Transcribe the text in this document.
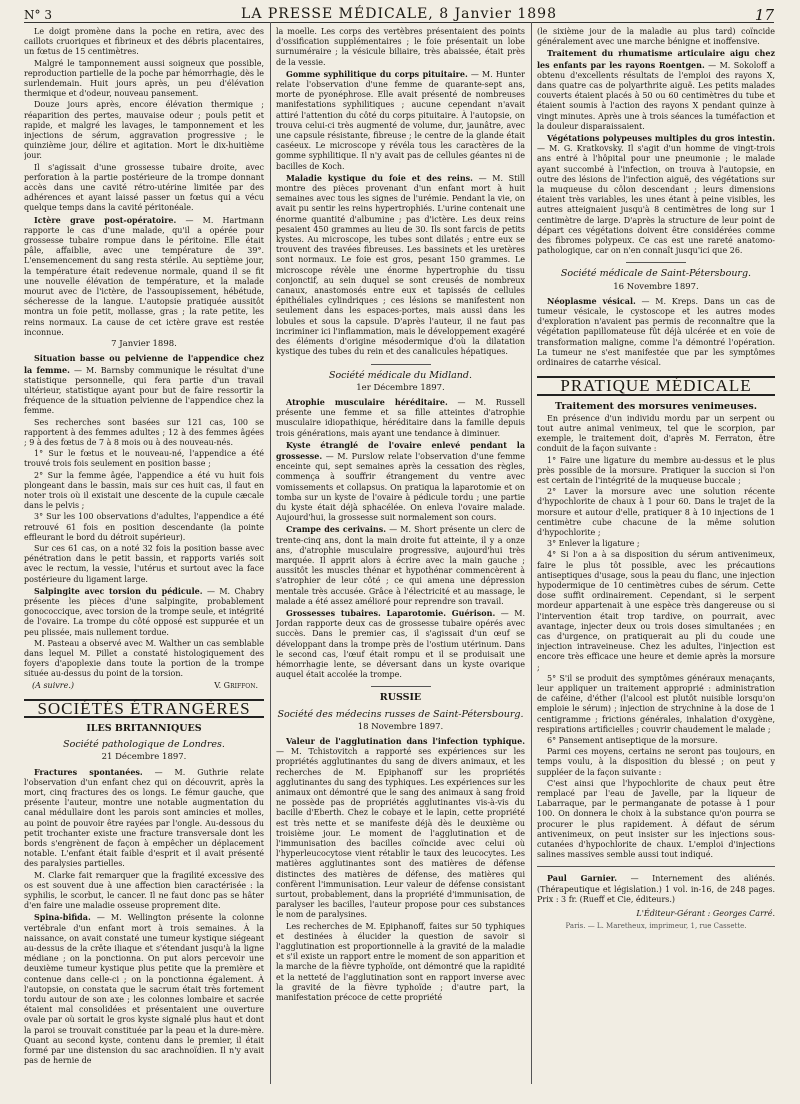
N° 3	LA PRESSE MÉDICALE, 8 Janvier 1898	17

Le doigt promène dans la poche en retira, avec des caillots cruoriques et fibrineux et des débris placentaires, un fœtus de 15 centimètres.

Malgré le tamponnement aussi soigneux que possible, reproduction partielle de la poche par hémorrhagie, dès le surlendemain. Huit jours après, un peu d'élévation thermique et d'odeur, nouveau pansement.

Douze jours après, encore élévation thermique ; réaparition des pertes, mauvaise odeur ; pouls petit et rapide, et malgré les lavages, le tamponnement et les injections de sérum, aggravation progressive ; le quinzième jour, délire et agitation. Mort le dix-huitième jour.

Il s'agissait d'une grossesse tubaire droite, avec perforation à la partie postérieure de la trompe donnant accès dans une cavité rétro-utérine limitée par des adhérences et ayant laissé passer un fœtus qui a vécu quelque temps dans la cavité péritonéale.

Ictère grave post-opératoire. — M. Hartmann rapporte le cas d'une malade, qu'il a opérée pour grossesse tubaire rompue dans le péritoine. Elle était pâle, affaiblie, avec une température de 39°. L'ensemencement du sang resta stérile. Au septième jour, la température était redevenue normale, quand il se fit une nouvelle élévation de température, et la malade mourut avec de l'ictère, de l'assoupissement, hébétude, sécheresse de la langue. L'autopsie pratiquée aussitôt montra un foie petit, mollasse, gras ; la rate petite, les reins normaux. La cause de cet ictère grave est restée inconnue.

7 Janvier 1898.

Situation basse ou pelvienne de l'appendice chez la femme. — M. Barnsby communique le résultat d'une statistique personnelle, qui fera partie d'un travail ultérieur, statistique ayant pour but de faire ressortir la fréquence de la situation pelvienne de l'appendice chez la femme.

Ses recherches sont basées sur 121 cas, 100 se rapportent à des femmes adultes ; 12 à des femmes âgées ; 9 à des fœtus de 7 à 8 mois ou à des nouveau-nés.

1° Sur le fœtus et le nouveau-né, l'appendice a été trouvé trois fois seulement en position basse ;

2° Sur la femme âgée, l'appendice a été vu huit fois plongeant dans le bassin, mais sur ces huit cas, il faut en noter trois où il existait une descente de la cupule cæcale dans le pelvis ;

3° Sur les 100 observations d'adultes, l'appendice a été retrouvé 61 fois en position descendante (la pointe effleurant le bord du détroit supérieur).

Sur ces 61 cas, on a noté 32 fois la position basse avec pénétration dans le petit bassin, et rapports variés soit avec le rectum, la vessie, l'utérus et surtout avec la face postérieure du ligament large.

Salpingite avec torsion du pédicule. — M. Chabry présente les pièces d'une salpingite, probablement gonococcique, avec torsion de la trompe seule, et intégrité de l'ovaire. La trompe du côté opposé est suppurée et un peu plissée, mais nullement tordue.

M. Pasteau a observé avec M. Walther un cas semblable dans lequel M. Pillet a constaté histologiquement des foyers d'apoplexie dans toute la portion de la trompe située au-dessus du point de la torsion.

(A suivre.)	V. Griffon.
SOCIÉTÉS ÉTRANGÈRES
ILES BRITANNIQUES
Société pathologique de Londres.
21 Décembre 1897.

Fractures spontanées. — M. Guthrie relate l'observation d'un enfant chez qui on découvrit, après la mort, cinq fractures des os longs. Le fémur gauche, que présente l'auteur, montre une notable augmentation du canal médullaire dont les parois sont amincies et molles, au point de pouvoir être rayées par l'ongle. Au-dessous du petit trochanter existe une fracture transversale dont les bords s'engrènent de façon à empêcher un déplacement notable. L'enfant était faible d'esprit et il avait présenté des paralysies partielles.

M. Clarke fait remarquer que la fragilité excessive des os est souvent due à une affection bien caractérisée : la syphilis, le scorbut, le cancer. Il ne faut donc pas se hâter d'en faire une maladie osseuse proprement dite.

Spina-bifida. — M. Wellington présente la colonne vertébrale d'un enfant mort à trois semaines. À la naissance, on avait constaté une tumeur kystique siégeant au-dessus de la crête iliaque et s'étendant jusqu'à la ligne médiane ; on la ponctionna. On put alors percevoir une deuxième tumeur kystique plus petite que la première et contenue dans celle-ci ; on la ponctionna également. À l'autopsie, on constata que le sacrum était très fortement tordu autour de son axe ; les colonnes lombaire et sacrée étaient mal consolidées et présentaient une ouverture ovale par où sortait le gros kyste signalé plus haut et dont la paroi se trouvait constituée par la peau et la dure-mère. Quant au second kyste, contenu dans le premier, il était formé par une distension du sac arachnoïdien. Il n'y avait pas de hernie de

la moelle. Les corps des vertèbres présentaient des points d'ossification supplémentaires ; le foie présentait un lobe surnuméraire ; la vésicule biliaire, très abaissée, était près de la vessie.

Gomme syphilitique du corps pituitaire. — M. Hunter relate l'observation d'une femme de quarante-sept ans, morte de pyonéphrose. Elle avait présenté de nombreuses manifestations syphilitiques ; aucune cependant n'avait attiré l'attention du côté du corps pituitaire. À l'autopsie, on trouva celui-ci très augmenté de volume, dur, jaunâtre, avec une capsule résistante, fibreuse ; le centre de la glande était caséeux. Le microscope y révéla tous les caractères de la gomme syphilitique. Il n'y avait pas de cellules géantes ni de bacilles de Koch.

Maladie kystique du foie et des reins. — M. Still montre des pièces provenant d'un enfant mort à huit semaines avec tous les signes de l'urémie. Pendant la vie, on avait pu sentir les reins hypertrophiés. L'urine contenait une énorme quantité d'albumine ; pas d'ictère. Les deux reins pesaient 450 grammes au lieu de 30. Ils sont farcis de petits kystes. Au microscope, les tubes sont dilatés ; entre eux se trouvent des travées fibreuses. Les bassinets et les uretères sont normaux. Le foie est gros, pesant 150 grammes. Le microscope révèle une énorme hypertrophie du tissu conjonctif, au sein duquel se sont creusés de nombreux canaux, anastomosés entre eux et tapissés de cellules épithéliales cylindriques ; ces lésions se manifestent non seulement dans les espaces-portes, mais aussi dans les lobules et sous la capsule. D'après l'auteur, il ne faut pas incriminer ici l'inflammation, mais le développement exagéré des éléments d'origine mésodermique d'où la dilatation kystique des tubes du rein et des canalicules hépatiques.

Société médicale du Midland.
1er Décembre 1897.

Atrophie musculaire héréditaire. — M. Russell présente une femme et sa fille atteintes d'atrophie musculaire idiopathique, héréditaire dans la famille depuis trois générations, mais ayant une tendance à diminuer.

Kyste étranglé de l'ovaire enlevé pendant la grossesse. — M. Purslow relate l'observation d'une femme enceinte qui, sept semaines après la cessation des règles, commença à souffrir étrangement du ventre avec vomissements et collapsus. On pratiqua la laparotomie et on tomba sur un kyste de l'ovaire à pédicule tordu ; une partie du kyste était déjà sphacélée. On enleva l'ovaire malade. Aujourd'hui, la grossesse suit normalement son cours.

Crampe des cerivains. — M. Short présente un clerc de trente-cinq ans, dont la main droite fut atteinte, il y a onze ans, d'atrophie musculaire progressive, aujourd'hui très marquée. Il apprit alors à écrire avec la main gauche ; aussitôt les muscles thénar et hypothénar commencèrent à s'atrophier de leur côté ; ce qui amena une dépression mentale très accusée. Grâce à l'électricité et au massage, le malade a été assez amélioré pour reprendre son travail.

Grossesses tubaires. Laparotomie. Guérison. — M. Jordan rapporte deux cas de grossesse tubaire opérés avec succès. Dans le premier cas, il s'agissait d'un œuf se développant dans la trompe près de l'ostium utérinum. Dans le second cas, l'œuf était rompu et il se produisait une hémorrhagie lente, se déversant dans un kyste ovarique auquel était accolée la trompe.

RUSSIE
Société des médecins russes de Saint-Pétersbourg.
18 Novembre 1897.

Valeur de l'agglutination dans l'infection typhique. — M. Tchistovitch a rapporté ses expériences sur les propriétés agglutinantes du sang de divers animaux, et les recherches de M. Epiphanoff sur les propriétés agglutinantes du sang des typhiques. Les expériences sur les animaux ont démontré que le sang des animaux à sang froid ne possède pas de propriétés agglutinantes vis-à-vis du bacille d'Eberth. Chez le cobaye et le lapin, cette propriété est très nette et se manifeste déjà dès le deuxième ou troisième jour. Le moment de l'agglutination et de l'immunisation des bacilles coïncide avec celui où l'hyperleucocytose vient rétablir le taux des leucocytes. Les matières agglutinantes sont des matières de défense distinctes des matières de défense, des matières qui confèrent l'immunisation. Leur valeur de défense consistant surtout, probablement, dans la propriété d'immunisation, de paralyser les bacilles, l'auteur propose pour ces substances le nom de paralysines.

Les recherches de M. Epiphanoff, faites sur 50 typhiques et destinées à élucider la question de savoir si l'agglutination est proportionnelle à la gravité de la maladie et s'il existe un rapport entre le moment de son apparition et la marche de la fièvre typhoïde, ont démontré que la rapidité et la netteté de l'agglutination sont en rapport inverse avec la gravité de la fièvre typhoïde ; d'autre part, la manifestation précoce de cette propriété

(le sixième jour de la maladie au plus tard) coïncide généralement avec une marche bénigne et inoffensive.

Traitement du rhumatisme articulaire aigu chez les enfants par les rayons Roentgen. — M. Sokoloff a obtenu d'excellents résultats de l'emploi des rayons X, dans quatre cas de polyarthrite aiguë. Les petits malades couverts étaient placés à 50 ou 60 centimètres du tube et étaient soumis à l'action des rayons X pendant quinze à vingt minutes. Après une à trois séances la tuméfaction et la douleur disparaissaient.

Végétations polypeuses multiples du gros intestin. — M. G. Kratkovsky. Il s'agit d'un homme de vingt-trois ans entré à l'hôpital pour une pneumonie ; le malade ayant succombé à l'infection, on trouva à l'autopsie, en outre des lésions de l'infection aiguë, des végétations sur la muqueuse du côlon descendant ; leurs dimensions étaient très variables, les unes étant à peine visibles, les autres atteignaient jusqu'à 8 centimètres de long sur 1 centimètre de large. D'après la structure de leur point de départ ces végétations doivent être considérées comme des fibromes polypeux. Ce cas est une rareté anatomo-pathologique, car on n'en connaît jusqu'ici que 26.

Société médicale de Saint-Pétersbourg.
16 Novembre 1897.

Néoplasme vésical. — M. Kreps. Dans un cas de tumeur vésicale, le cystoscope et les autres modes d'exploration n'avaient pas permis de reconnaître que la végétation papillomateuse fût déjà ulcérée et en voie de transformation maligne, comme l'a démontré l'opération. La tumeur ne s'est manifestée que par les symptômes ordinaires de catarrhe vésical.

PRATIQUE MÉDICALE
Traitement des morsures venimeuses.

En présence d'un individu mordu par un serpent ou tout autre animal venimeux, tel que le scorpion, par exemple, le traitement doit, d'après M. Ferraton, être conduit de la façon suivante :

1° Faire une ligature du membre au-dessus et le plus près possible de la morsure. Pratiquer la succion si l'on est certain de l'intégrité de la muqueuse buccale ;

2° Laver la morsure avec une solution récente d'hypochlorite de chaux à 1 pour 60. Dans le trajet de la morsure et autour d'elle, pratiquer 8 à 10 injections de 1 centimètre cube chacune de la même solution d'hypochlorite ;

3° Enlever la ligature ;

4° Si l'on a à sa disposition du sérum antivenimeux, faire le plus tôt possible, avec les précautions antiseptiques d'usage, sous la peau du flanc, une injection hypodermique de 10 centimètres cubes de sérum. Cette dose suffit ordinairement. Cependant, si le serpent mordeur appartenait à une espèce très dangereuse ou si l'intervention était trop tardive, on pourrait, avec avantage, injecter deux ou trois doses simultanées ; en cas d'urgence, on pratiquerait au pli du coude une injection intraveineuse. Chez les adultes, l'injection est encore très efficace une heure et demie après la morsure ;

5° S'il se produit des symptômes généraux menaçants, leur appliquer un traitement approprié : administration de caféine, d'éther (l'alcool est plutôt nuisible lorsqu'on emploie le sérum) ; injection de strychnine à la dose de 1 centigramme ; frictions générales, inhalation d'oxygène, respirations artificielles ; couvrir chaudement le malade ;

6° Pansement antiseptique de la morsure.

Parmi ces moyens, certains ne seront pas toujours, en temps voulu, à la disposition du blessé ; on peut y suppléer de la façon suivante :

C'est ainsi que l'hypochlorite de chaux peut être remplacé par l'eau de Javelle, par la liqueur de Labarraque, par le permanganate de potasse à 1 pour 100. On donnera le choix à la substance qu'on pourra se procurer le plus rapidement. À défaut de sérum antivenimeux, on peut insister sur les injections sous-cutanées d'hypochlorite de chaux. L'emploi d'injections salines massives semble aussi tout indiqué.

Paul Garnier. — Internement des aliénés. (Thérapeutique et législation.) 1 vol. in-16, de 248 pages. Prix : 3 fr. (Rueff et Cie, éditeurs.)

L'Éditeur-Gérant : Georges Carré.
Paris. — L. Maretheux, imprimeur, 1, rue Cassette.
